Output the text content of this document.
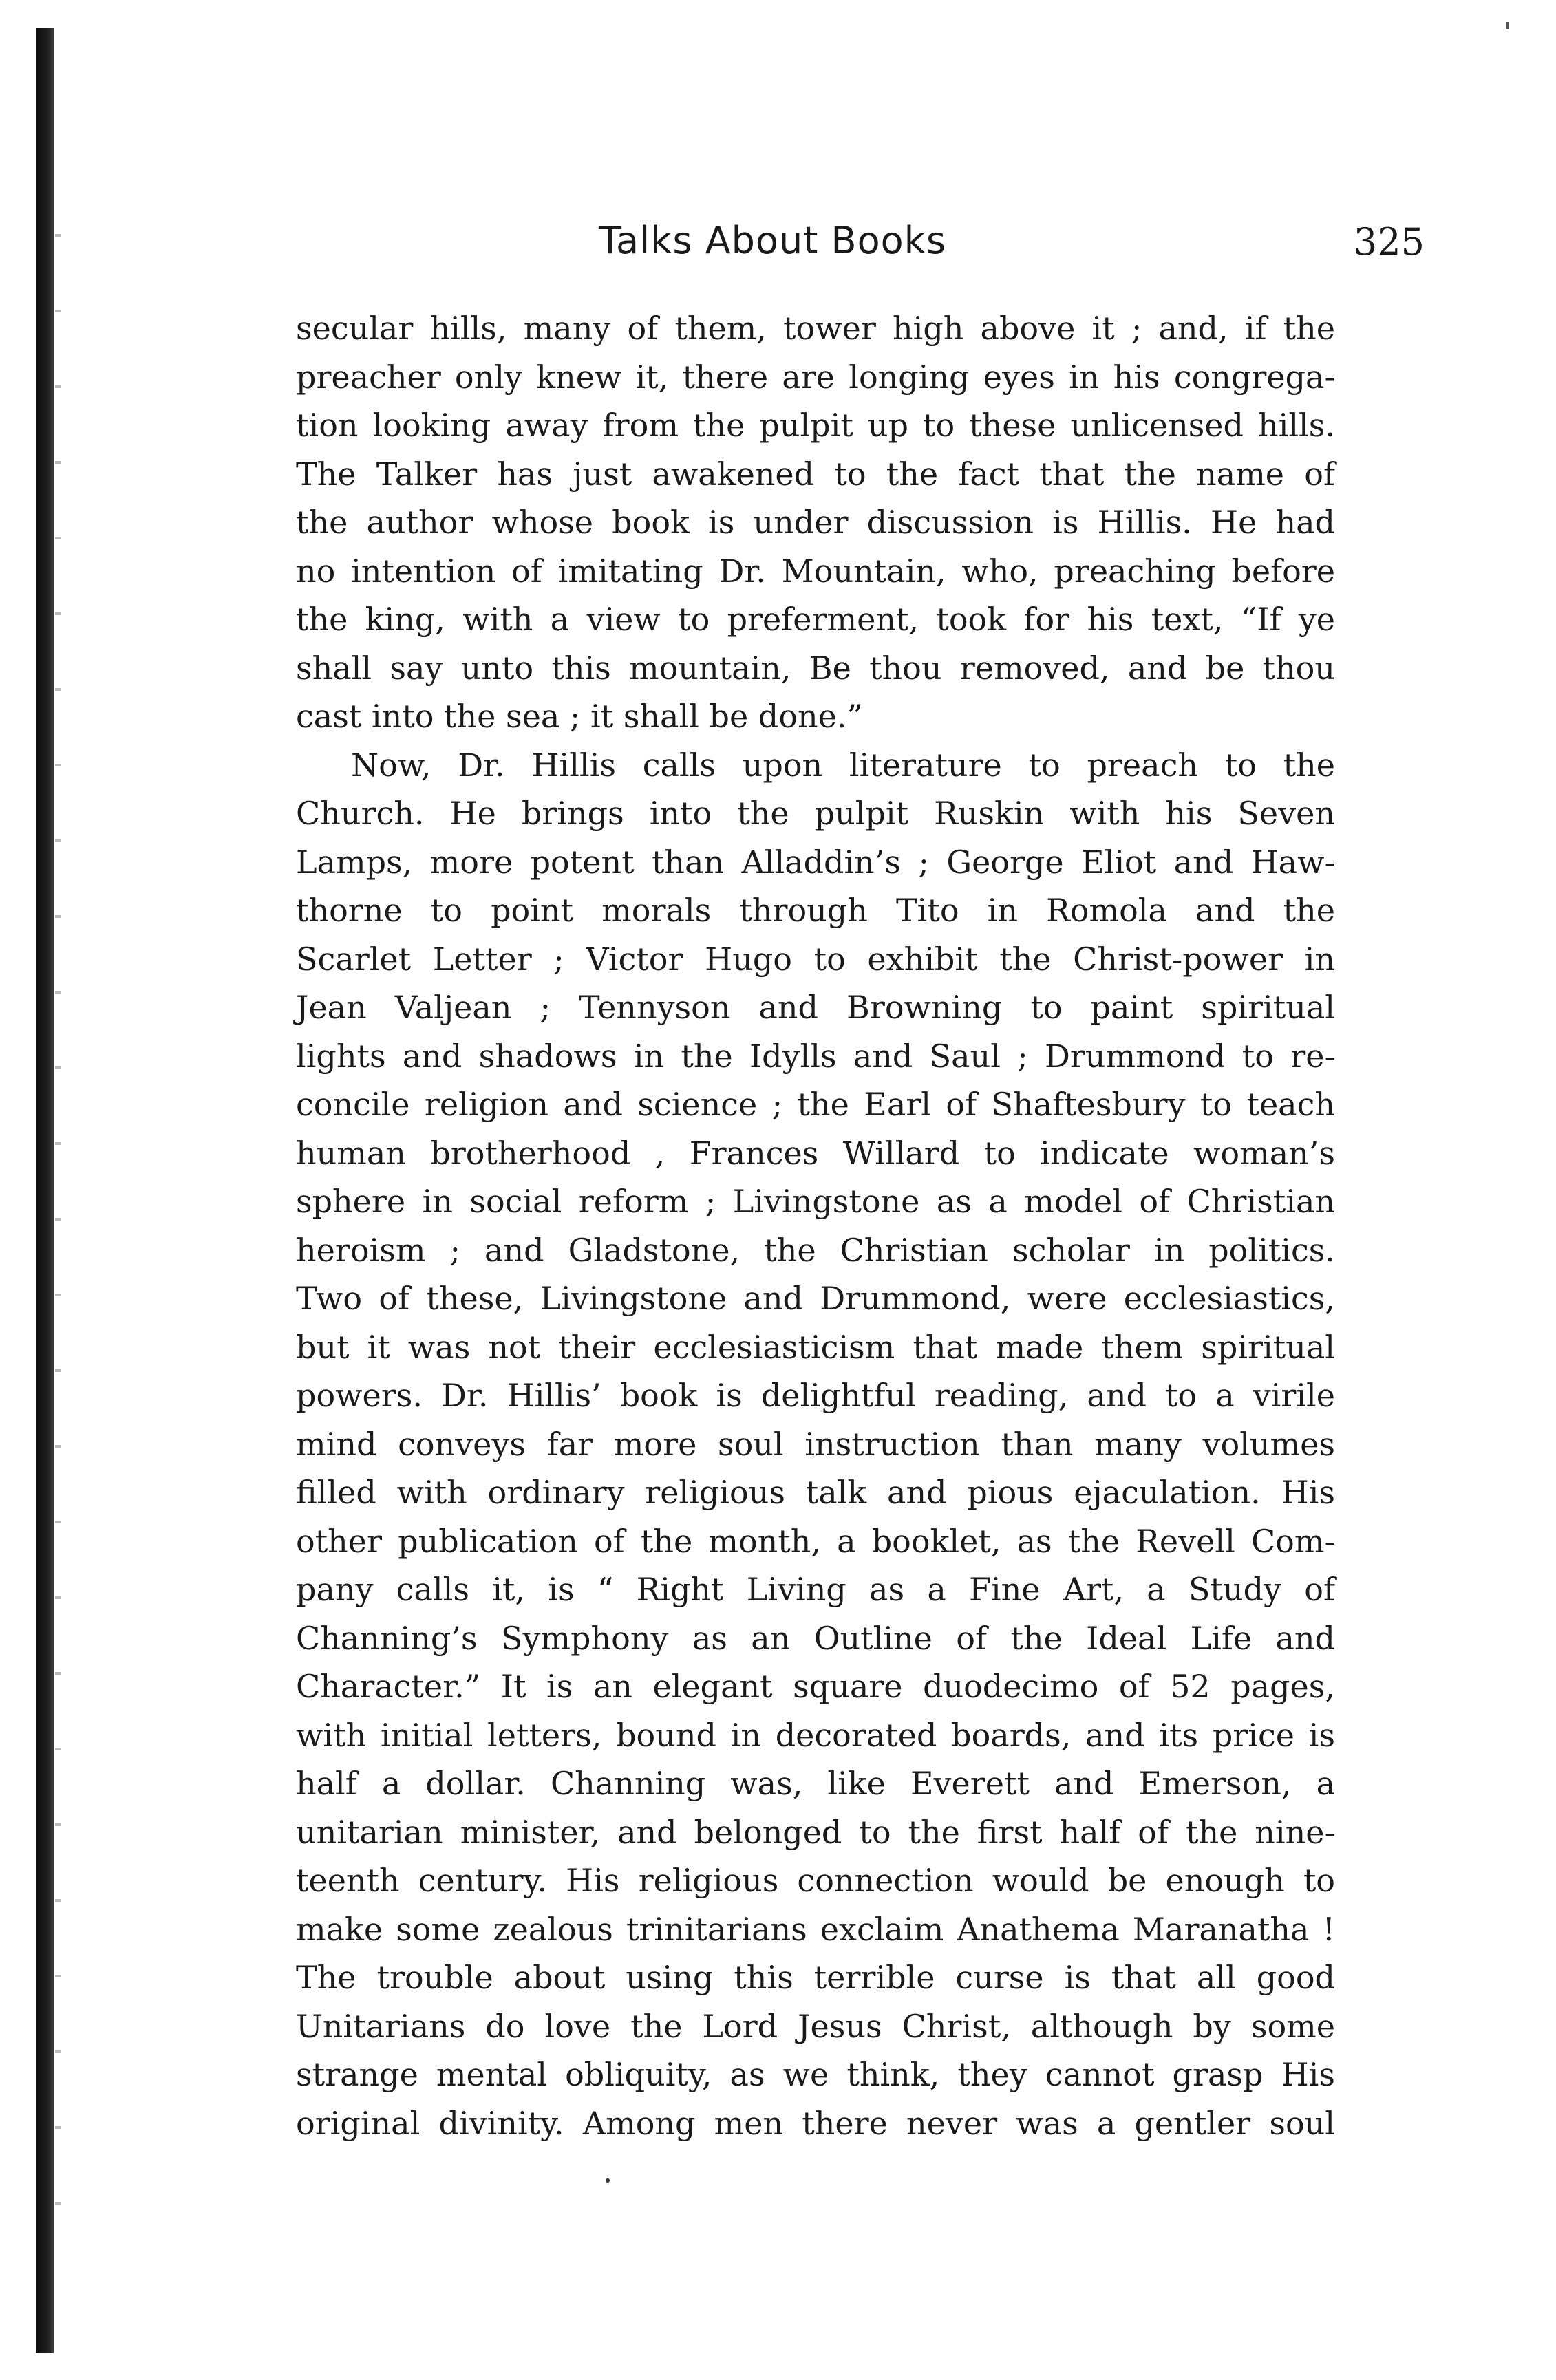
Talks About Books	325
secular hills, many of them, tower high above it ; and, if the
preacher only knew it, there are longing eyes in his congrega-
tion looking away from the pulpit up to these unlicensed hills.
The Talker has just awakened to the fact that the name of
the author whose book is under discussion is Hillis. He had
no intention of imitating Dr. Mountain, who, preaching before
the king, with a view to preferment, took for his text, “If ye
shall say unto this mountain, Be thou removed, and be thou
cast into the sea ; it shall be done.”
Now, Dr. Hillis calls upon literature to preach to the
Church. He brings into the pulpit Ruskin with his Seven
Lamps, more potent than Alladdin’s ; George Eliot and Haw-
thorne to point morals through Tito in Romola and the
Scarlet Letter ; Victor Hugo to exhibit the Christ-power in
Jean Valjean ; Tennyson and Browning to paint spiritual
lights and shadows in the Idylls and Saul ; Drummond to re-
concile religion and science ; the Earl of Shaftesbury to teach
human brotherhood , Frances Willard to indicate woman’s
sphere in social reform ; Livingstone as a model of Christian
heroism ; and Gladstone, the Christian scholar in politics.
Two of these, Livingstone and Drummond, were ecclesiastics,
but it was not their ecclesiasticism that made them spiritual
powers. Dr. Hillis’ book is delightful reading, and to a virile
mind conveys far more soul instruction than many volumes
filled with ordinary religious talk and pious ejaculation. His
other publication of the month, a booklet, as the Revell Com-
pany calls it, is “ Right Living as a Fine Art, a Study of
Channing’s Symphony as an Outline of the Ideal Life and
Character.” It is an elegant square duodecimo of 52 pages,
with initial letters, bound in decorated boards, and its price is
half a dollar. Channing was, like Everett and Emerson, a
unitarian minister, and belonged to the first half of the nine-
teenth century. His religious connection would be enough to
make some zealous trinitarians exclaim Anathema Maranatha !
The trouble about using this terrible curse is that all good
Unitarians do love the Lord Jesus Christ, although by some
strange mental obliquity, as we think, they cannot grasp His
original divinity. Among men there never was a gentler soul
